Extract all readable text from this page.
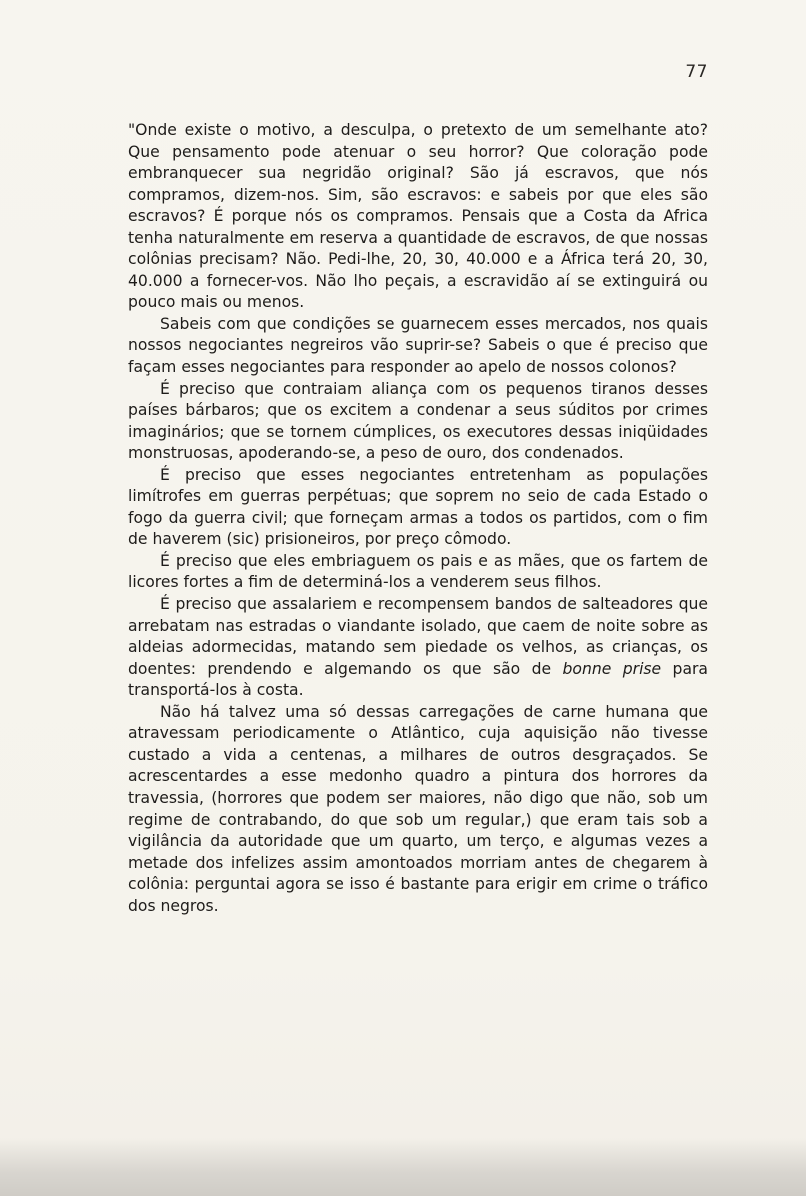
77

"Onde existe o motivo, a desculpa, o pretexto de um semelhante ato? Que pensamento pode atenuar o seu horror? Que coloração pode embranquecer sua negridão original? São já escravos, que nós compramos, dizem-nos. Sim, são escravos: e sabeis por que eles são escravos? É porque nós os compramos. Pensais que a Costa da Africa tenha naturalmente em reserva a quantidade de escravos, de que nossas colônias precisam? Não. Pedi-lhe, 20, 30, 40.000 e a África terá 20, 30, 40.000 a fornecer-vos. Não lho peçais, a escravidão aí se extinguirá ou pouco mais ou menos.

Sabeis com que condições se guarnecem esses mercados, nos quais nossos negociantes negreiros vão suprir-se? Sabeis o que é preciso que façam esses negociantes para responder ao apelo de nossos colonos?

É preciso que contraiam aliança com os pequenos tiranos desses países bárbaros; que os excitem a condenar a seus súditos por crimes imaginários; que se tornem cúmplices, os executores dessas iniqüidades monstruosas, apoderando-se, a peso de ouro, dos condenados.

É preciso que esses negociantes entretenham as populações limítrofes em guerras perpétuas; que soprem no seio de cada Estado o fogo da guerra civil; que forneçam armas a todos os partidos, com o fim de haverem (sic) prisioneiros, por preço cômodo.

É preciso que eles embriaguem os pais e as mães, que os fartem de licores fortes a fim de determiná-los a venderem seus filhos.

É preciso que assalariem e recompensem bandos de salteadores que arrebatam nas estradas o viandante isolado, que caem de noite sobre as aldeias adormecidas, matando sem piedade os velhos, as crianças, os doentes: prendendo e algemando os que são de bonne prise para transportá-los à costa.

Não há talvez uma só dessas carregações de carne humana que atravessam periodicamente o Atlântico, cuja aquisição não tivesse custado a vida a centenas, a milhares de outros desgraçados. Se acrescentardes a esse medonho quadro a pintura dos horrores da travessia, (horrores que podem ser maiores, não digo que não, sob um regime de contrabando, do que sob um regular,) que eram tais sob a vigilância da autoridade que um quarto, um terço, e algumas vezes a metade dos infelizes assim amontoados morriam antes de chegarem à colônia: perguntai agora se isso é bastante para erigir em crime o tráfico dos negros.
